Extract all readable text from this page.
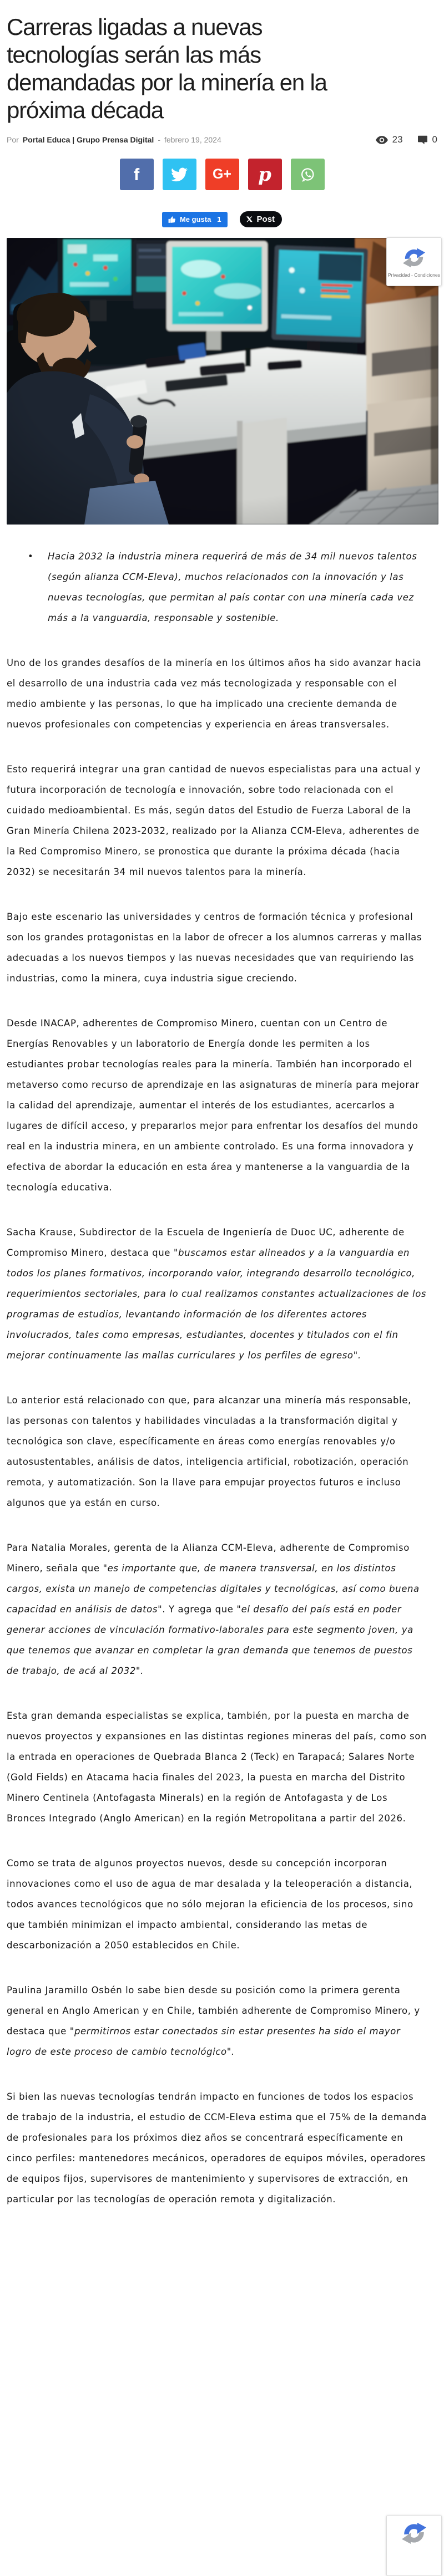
Carreras ligadas a nuevas tecnologías serán las más demandadas por la minería en la próxima década
Por Portal Educa | Grupo Prensa Digital - febrero 19, 2024	23	0
f	G+ p
Me gusta 1	Post
• Hacia 2032 la industria minera requerirá de más de 34 mil nuevos talentos (según alianza CCM-Eleva), muchos relacionados con la innovación y las nuevas tecnologías, que permitan al país contar con una minería cada vez más a la vanguardia, responsable y sostenible.

Uno de los grandes desafíos de la minería en los últimos años ha sido avanzar hacia el desarrollo de una industria cada vez más tecnologizada y responsable con el medio ambiente y las personas, lo que ha implicado una creciente demanda de nuevos profesionales con competencias y experiencia en áreas transversales.

Esto requerirá integrar una gran cantidad de nuevos especialistas para una actual y futura incorporación de tecnología e innovación, sobre todo relacionada con el cuidado medioambiental. Es más, según datos del Estudio de Fuerza Laboral de la Gran Minería Chilena 2023-2032, realizado por la Alianza CCM-Eleva, adherentes de la Red Compromiso Minero, se pronostica que durante la próxima década (hacia 2032) se necesitarán 34 mil nuevos talentos para la minería.

Bajo este escenario las universidades y centros de formación técnica y profesional son los grandes protagonistas en la labor de ofrecer a los alumnos carreras y mallas adecuadas a los nuevos tiempos y las nuevas necesidades que van requiriendo las industrias, como la minera, cuya industria sigue creciendo.

Desde INACAP, adherentes de Compromiso Minero, cuentan con un Centro de Energías Renovables y un laboratorio de Energía donde les permiten a los estudiantes probar tecnologías reales para la minería. También han incorporado el metaverso como recurso de aprendizaje en las asignaturas de minería para mejorar la calidad del aprendizaje, aumentar el interés de los estudiantes, acercarlos a lugares de difícil acceso, y prepararlos mejor para enfrentar los desafíos del mundo real en la industria minera, en un ambiente controlado. Es una forma innovadora y efectiva de abordar la educación en esta área y mantenerse a la vanguardia de la tecnología educativa.

Sacha Krause, Subdirector de la Escuela de Ingeniería de Duoc UC, adherente de Compromiso Minero, destaca que "buscamos estar alineados y a la vanguardia en todos los planes formativos, incorporando valor, integrando desarrollo tecnológico, requerimientos sectoriales, para lo cual realizamos constantes actualizaciones de los programas de estudios, levantando información de los diferentes actores involucrados, tales como empresas, estudiantes, docentes y titulados con el fin mejorar continuamente las mallas curriculares y los perfiles de egreso".

Lo anterior está relacionado con que, para alcanzar una minería más responsable, las personas con talentos y habilidades vinculadas a la transformación digital y tecnológica son clave, específicamente en áreas como energías renovables y/o autosustentables, análisis de datos, inteligencia artificial, robotización, operación remota, y automatización. Son la llave para empujar proyectos futuros e incluso algunos que ya están en curso.

Para Natalia Morales, gerenta de la Alianza CCM-Eleva, adherente de Compromiso Minero, señala que "es importante que, de manera transversal, en los distintos cargos, exista un manejo de competencias digitales y tecnológicas, así como buena capacidad en análisis de datos". Y agrega que "el desafío del país está en poder generar acciones de vinculación formativo-laborales para este segmento joven, ya que tenemos que avanzar en completar la gran demanda que tenemos de puestos de trabajo, de acá al 2032".

Esta gran demanda especialistas se explica, también, por la puesta en marcha de nuevos proyectos y expansiones en las distintas regiones mineras del país, como son la entrada en operaciones de Quebrada Blanca 2 (Teck) en Tarapacá; Salares Norte (Gold Fields) en Atacama hacia finales del 2023, la puesta en marcha del Distrito Minero Centinela (Antofagasta Minerals) en la región de Antofagasta y de Los Bronces Integrado (Anglo American) en la región Metropolitana a partir del 2026.

Como se trata de algunos proyectos nuevos, desde su concepción incorporan innovaciones como el uso de agua de mar desalada y la teleoperación a distancia, todos avances tecnológicos que no sólo mejoran la eficiencia de los procesos, sino que también minimizan el impacto ambiental, considerando las metas de descarbonización a 2050 establecidos en Chile.

Paulina Jaramillo Osbén lo sabe bien desde su posición como la primera gerenta general en Anglo American y en Chile, también adherente de Compromiso Minero, y destaca que "permitirnos estar conectados sin estar presentes ha sido el mayor logro de este proceso de cambio tecnológico".

Si bien las nuevas tecnologías tendrán impacto en funciones de todos los espacios de trabajo de la industria, el estudio de CCM-Eleva estima que el 75% de la demanda de profesionales para los próximos diez años se concentrará específicamente en cinco perfiles: mantenedores mecánicos, operadores de equipos móviles, operadores de equipos fijos, supervisores de mantenimiento y supervisores de extracción, en particular por las tecnologías de operación remota y digitalización.

Privacidad - Condiciones
